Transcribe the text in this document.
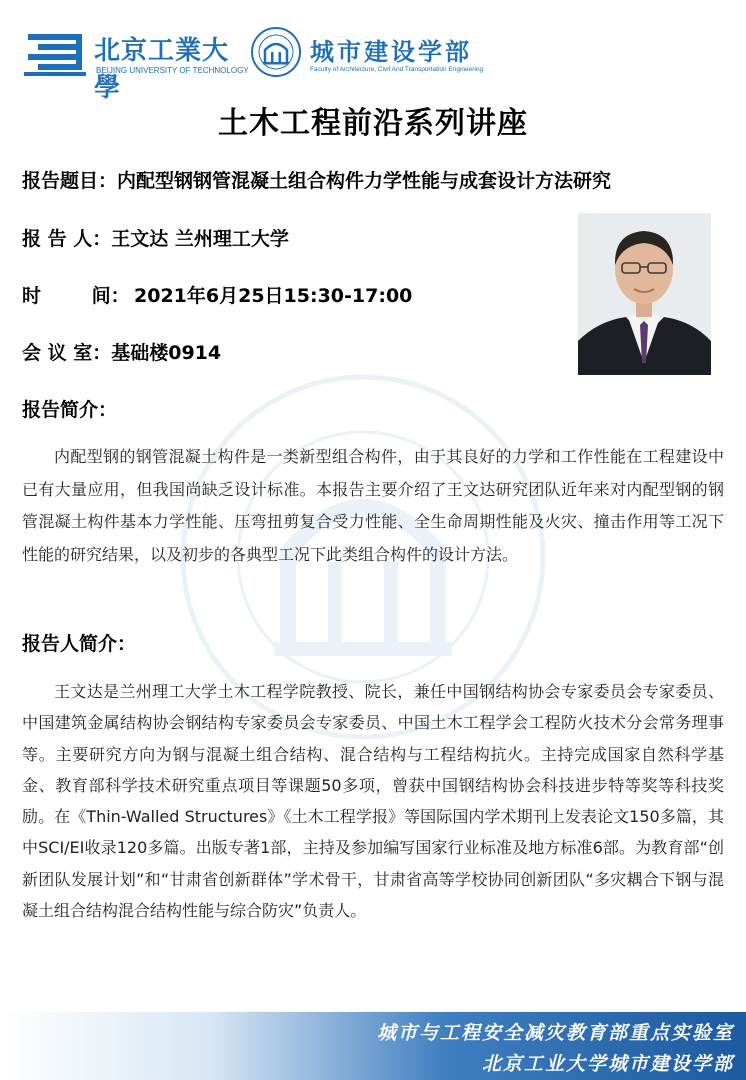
北京工業大學
BEIJING UNIVERSITY OF TECHNOLOGY
城市建设学部
Faculty of Architecture, Civil And Transportation Engineering
土木工程前沿系列讲座
报告题目：内配型钢钢管混凝土组合构件力学性能与成套设计方法研究
报 告 人：王文达 兰州理工大学
时 间： 2021年6月25日15:30-17:00
会 议 室：基础楼0914
报告简介：
内配型钢的钢管混凝土构件是一类新型组合构件，由于其良好的力学和工作性能在工程建设中已有大量应用，但我国尚缺乏设计标准。本报告主要介绍了王文达研究团队近年来对内配型钢的钢管混凝土构件基本力学性能、压弯扭剪复合受力性能、全生命周期性能及火灾、撞击作用等工况下性能的研究结果，以及初步的各典型工况下此类组合构件的设计方法。
报告人简介：
王文达是兰州理工大学土木工程学院教授、院长，兼任中国钢结构协会专家委员会专家委员、中国建筑金属结构协会钢结构专家委员会专家委员、中国土木工程学会工程防火技术分会常务理事等。主要研究方向为钢与混凝土组合结构、混合结构与工程结构抗火。主持完成国家自然科学基金、教育部科学技术研究重点项目等课题50多项，曾获中国钢结构协会科技进步特等奖等科技奖励。在《Thin-Walled Structures》《土木工程学报》等国际国内学术期刊上发表论文150多篇，其中SCI/EI收录120多篇。出版专著1部，主持及参加编写国家行业标准及地方标准6部。为教育部“创新团队发展计划”和“甘肃省创新群体”学术骨干，甘肃省高等学校协同创新团队“多灾耦合下钢与混凝土组合结构混合结构性能与综合防灾”负责人。
城市与工程安全减灾教育部重点实验室
北京工业大学城市建设学部
